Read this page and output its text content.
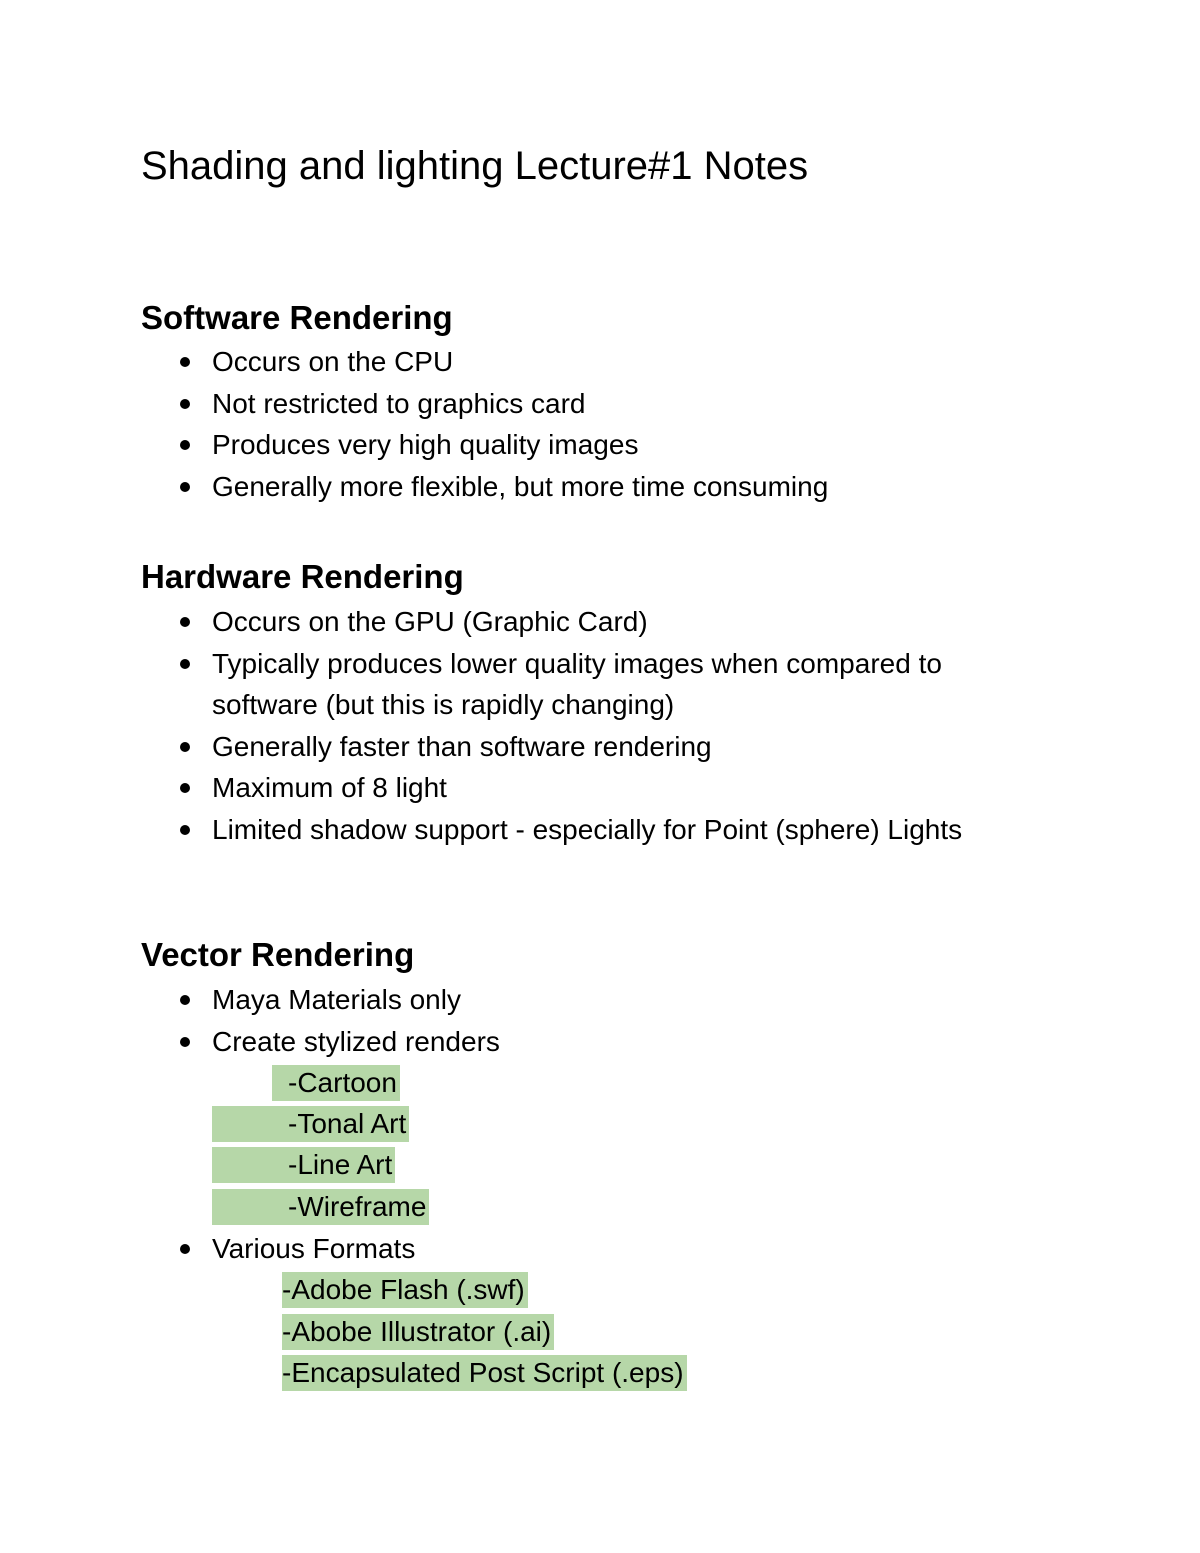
Shading and lighting Lecture#1 Notes
Software Rendering
Occurs on the CPU
Not restricted to graphics card
Produces very high quality images
Generally more flexible, but more time consuming
Hardware Rendering
Occurs on the GPU (Graphic Card)
Typically produces lower quality images when compared to
software (but this is rapidly changing)
Generally faster than software rendering
Maximum of 8 light
Limited shadow support - especially for Point (sphere) Lights
Vector Rendering
Maya Materials only
Create stylized renders
-Cartoon
-Tonal Art
-Line Art
-Wireframe
Various Formats
-Adobe Flash (.swf)
-Abobe Illustrator (.ai)
-Encapsulated Post Script (.eps)
